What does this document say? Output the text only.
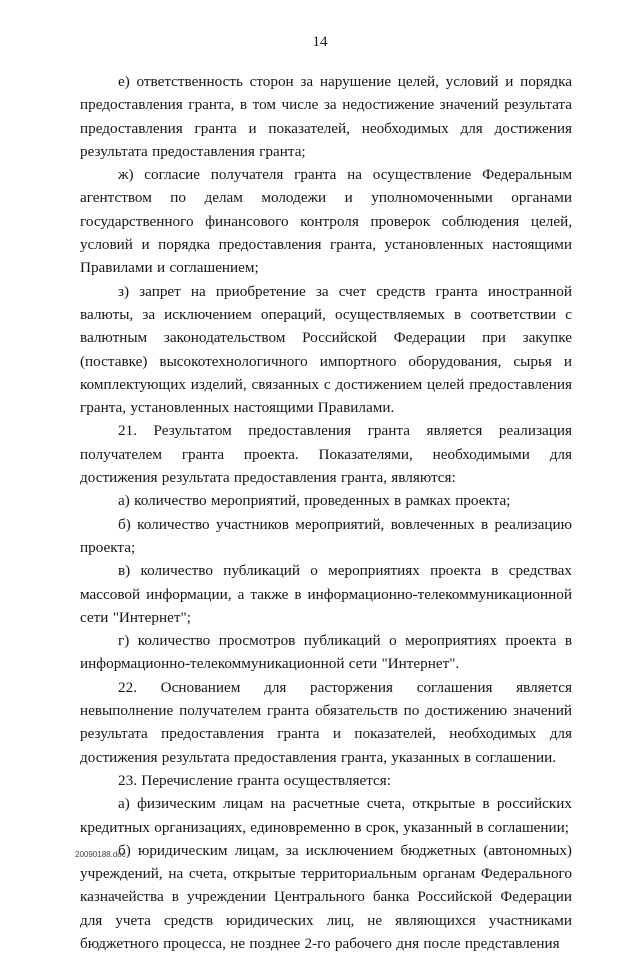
14

е) ответственность сторон за нарушение целей, условий и порядка предоставления гранта, в том числе за недостижение значений результата предоставления гранта и показателей, необходимых для достижения результата предоставления гранта;

ж) согласие получателя гранта на осуществление Федеральным агентством по делам молодежи и уполномоченными органами государственного финансового контроля проверок соблюдения целей, условий и порядка предоставления гранта, установленных настоящими Правилами и соглашением;

з) запрет на приобретение за счет средств гранта иностранной валюты, за исключением операций, осуществляемых в соответствии с валютным законодательством Российской Федерации при закупке (поставке) высокотехнологичного импортного оборудования, сырья и комплектующих изделий, связанных с достижением целей предоставления гранта, установленных настоящими Правилами.

21. Результатом предоставления гранта является реализация получателем гранта проекта. Показателями, необходимыми для достижения результата предоставления гранта, являются:

а) количество мероприятий, проведенных в рамках проекта;

б) количество участников мероприятий, вовлеченных в реализацию проекта;

в) количество публикаций о мероприятиях проекта в средствах массовой информации, а также в информационно-телекоммуникационной сети "Интернет";

г) количество просмотров публикаций о мероприятиях проекта в информационно-телекоммуникационной сети "Интернет".

22. Основанием для расторжения соглашения является невыполнение получателем гранта обязательств по достижению значений результата предоставления гранта и показателей, необходимых для достижения результата предоставления гранта, указанных в соглашении.

23. Перечисление гранта осуществляется:

а) физическим лицам на расчетные счета, открытые в российских кредитных организациях, единовременно в срок, указанный в соглашении;

б) юридическим лицам, за исключением бюджетных (автономных) учреждений, на счета, открытые территориальным органам Федерального казначейства в учреждении Центрального банка Российской Федерации для учета средств юридических лиц, не являющихся участниками бюджетного процесса, не позднее 2-го рабочего дня после представления

20090188.doc
